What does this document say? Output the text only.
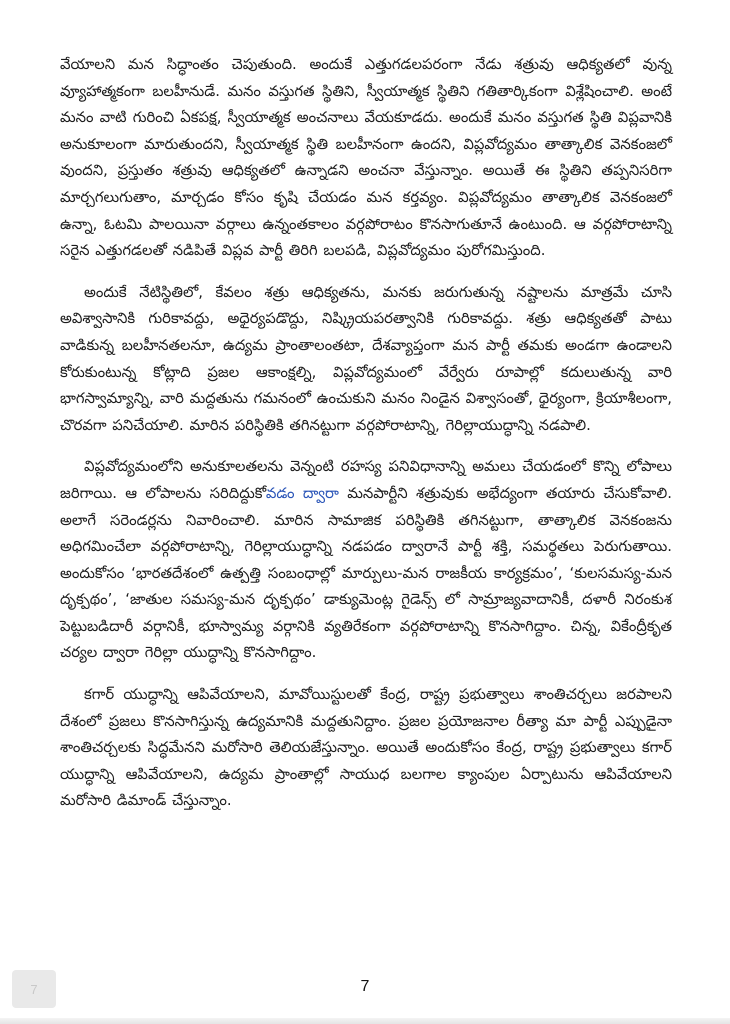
వేయాలని మన సిద్ధాంతం చెపుతుంది. అందుకే ఎత్తుగడలపరంగా నేడు శత్రువు ఆధిక్యతలో వున్న వ్యూహాత్మకంగా బలహీనుడే. మనం వస్తుగత స్థితిని, స్వీయాత్మక స్థితిని గతితార్కికంగా విశ్లేషించాలి. అంటే మనం వాటి గురించి ఏకపక్ష, స్వీయాత్మక అంచనాలు వేయకూడదు. అందుకే మనం వస్తుగత స్థితి విప్లవానికి అనుకూలంగా మారుతుందని, స్వీయాత్మక స్థితి బలహీనంగా ఉందని, విప్లవోద్యమం తాత్కాలిక వెనకంజలో వుందని, ప్రస్తుతం శత్రువు ఆధిక్యతలో ఉన్నాడని అంచనా వేస్తున్నాం. అయితే ఈ స్థితిని తప్పనిసరిగా మార్చగలుగుతాం, మార్చడం కోసం కృషి చేయడం మన కర్తవ్యం. విప్లవోద్యమం తాత్కాలిక వెనకంజలో ఉన్నా, ఓటమి పాలయినా వర్గాలు ఉన్నంతకాలం వర్గపోరాటం కొనసాగుతూనే ఉంటుంది. ఆ వర్గపోరాటాన్ని సరైన ఎత్తుగడలతో నడిపితే విప్లవ పార్టీ తిరిగి బలపడి, విప్లవోద్యమం పురోగమిస్తుంది.

అందుకే నేటిస్థితిలో, కేవలం శత్రు ఆధిక్యతను, మనకు జరుగుతున్న నష్టాలను మాత్రమే చూసి అవిశ్వాసానికి గురికావద్దు, అధైర్యపడొద్దు, నిష్క్రియపరత్వానికి గురికావద్దు. శత్రు ఆధిక్యతతో పాటు వాడికున్న బలహీనతలనూ, ఉద్యమ ప్రాంతాలంతటా, దేశవ్యాప్తంగా మన పార్టీ తమకు అండగా ఉండాలని కోరుకుంటున్న కోట్లాది ప్రజల ఆకాంక్షల్ని, విప్లవోద్యమంలో వేర్వేరు రూపాల్లో కదులుతున్న వారి భాగస్వామ్యాన్ని, వారి మద్దతును గమనంలో ఉంచుకుని మనం నిండైన విశ్వాసంతో, ధైర్యంగా, క్రియాశీలంగా, చొరవగా పనిచేయాలి. మారిన పరిస్థితికి తగినట్టుగా వర్గపోరాటాన్ని, గెరిల్లాయుద్ధాన్ని నడపాలి.

విప్లవోద్యమంలోని అనుకూలతలను వెన్నంటి రహస్య పనివిధానాన్ని అమలు చేయడంలో కొన్ని లోపాలు జరిగాయి. ఆ లోపాలను సరిదిద్దుకోవడం ద్వారా మనపార్టీని శత్రువుకు అభేద్యంగా తయారు చేసుకోవాలి. అలాగే సరెండర్లను నివారించాలి. మారిన సామాజిక పరిస్థితికి తగినట్టుగా, తాత్కాలిక వెనకంజను అధిగమించేలా వర్గపోరాటాన్ని, గెరిల్లాయుద్ధాన్ని నడపడం ద్వారానే పార్టీ శక్తి, సమర్థతలు పెరుగుతాయి. అందుకోసం ‘భారతదేశంలో ఉత్పత్తి సంబంధాల్లో మార్పులు-మన రాజకీయ కార్యక్రమం’, ‘కులసమస్య-మన దృక్పథం’, ‘జాతుల సమస్య-మన దృక్పథం’ డాక్యుమెంట్ల గైడెన్స్ లో సామ్రాజ్యవాదానికీ, దళారీ నిరంకుశ పెట్టుబడిదారీ వర్గానికీ, భూస్వామ్య వర్గానికి వ్యతిరేకంగా వర్గపోరాటాన్ని కొనసాగిద్దాం. చిన్న, వికేంద్రీకృత చర్యల ద్వారా గెరిల్లా యుద్ధాన్ని కొనసాగిద్దాం.

కగార్ యుద్ధాన్ని ఆపివేయాలని, మావోయిస్టులతో కేంద్ర, రాష్ట్ర ప్రభుత్వాలు శాంతిచర్చలు జరపాలని దేశంలో ప్రజలు కొనసాగిస్తున్న ఉద్యమానికి మద్దతునిద్దాం. ప్రజల ప్రయోజనాల రీత్యా మా పార్టీ ఎప్పుడైనా శాంతిచర్చలకు సిద్ధమేనని మరోసారి తెలియజేస్తున్నాం. అయితే అందుకోసం కేంద్ర, రాష్ట్ర ప్రభుత్వాలు కగార్ యుద్ధాన్ని ఆపివేయాలని, ఉద్యమ ప్రాంతాల్లో సాయుధ బలగాల క్యాంపుల ఏర్పాటును ఆపివేయాలని మరోసారి డిమాండ్ చేస్తున్నాం.

7	7
